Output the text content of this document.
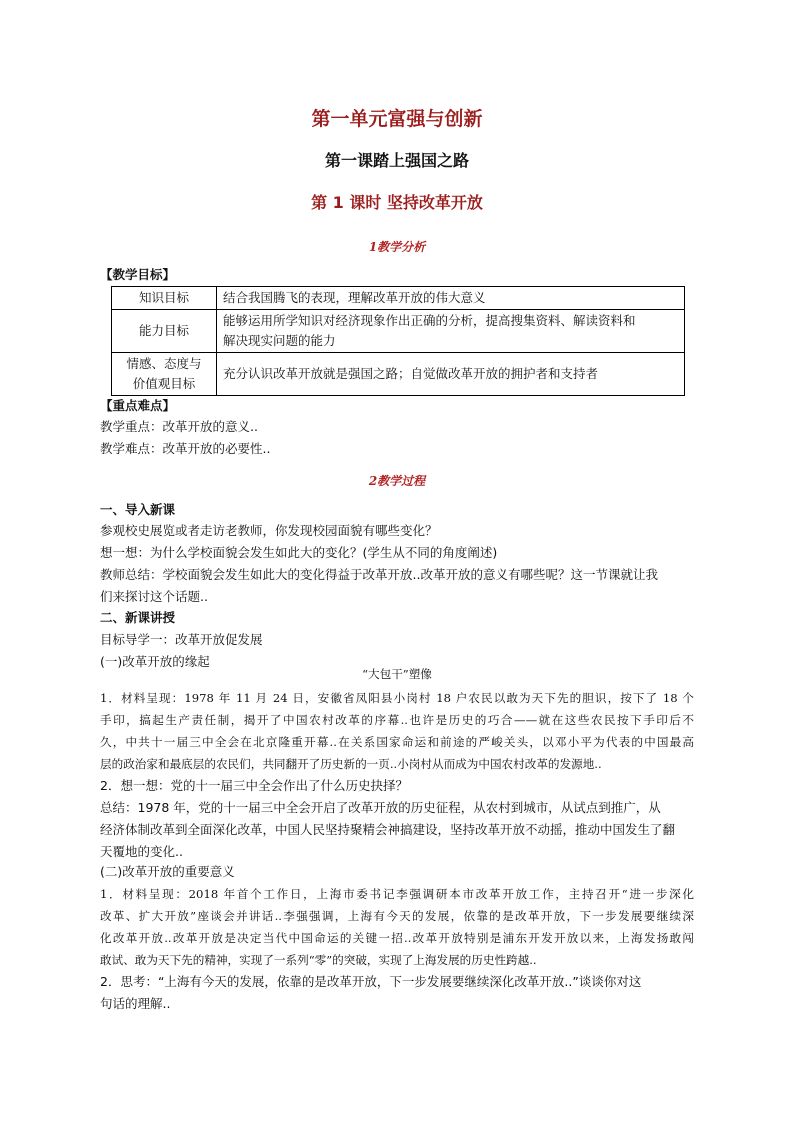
第一单元富强与创新
第一课踏上强国之路
第 1 课时 坚持改革开放
1教学分析
【教学目标】
知识目标	结合我国腾飞的表现，理解改革开放的伟大意义
能力目标	能够运用所学知识对经济现象作出正确的分析，提高搜集资料、解读资料和
解决现实问题的能力

情感、态度与
价值观目标	充分认识改革开放就是强国之路；自觉做改革开放的拥护者和支持者
【重点难点】
教学重点：改革开放的意义..
教学难点：改革开放的必要性..
2教学过程
一、导入新课
参观校史展览或者走访老教师，你发现校园面貌有哪些变化？
想一想：为什么学校面貌会发生如此大的变化？(学生从不同的角度阐述)
教师总结：学校面貌会发生如此大的变化得益于改革开放..改革开放的意义有哪些呢？这一节课就让我
们来探讨这个话题..
二、新课讲授
目标导学一：改革开放促发展
(一)改革开放的缘起
“大包干”塑像
1．材料呈现：1978 年 11 月 24 日，安徽省凤阳县小岗村 18 户农民以敢为天下先的胆识，按下了 18 个
手印，搞起生产责任制，揭开了中国农村改革的序幕..也许是历史的巧合——就在这些农民按下手印后不
久，中共十一届三中全会在北京隆重开幕..在关系国家命运和前途的严峻关头，以邓小平为代表的中国最高
层的政治家和最底层的农民们，共同翻开了历史新的一页..小岗村从而成为中国农村改革的发源地..
2．想一想：党的十一届三中全会作出了什么历史抉择？
总结：1978 年，党的十一届三中全会开启了改革开放的历史征程，从农村到城市，从试点到推广，从
经济体制改革到全面深化改革，中国人民坚持聚精会神搞建设，坚持改革开放不动摇，推动中国发生了翻
天覆地的变化..
(二)改革开放的重要意义
1．材料呈现：2018 年首个工作日，上海市委书记李强调研本市改革开放工作，主持召开“进一步深化
改革、扩大开放”座谈会并讲话..李强强调，上海有今天的发展，依靠的是改革开放，下一步发展要继续深
化改革开放..改革开放是决定当代中国命运的关键一招..改革开放特别是浦东开发开放以来，上海发扬敢闯
敢试、敢为天下先的精神，实现了一系列“零”的突破，实现了上海发展的历史性跨越..
2．思考：“上海有今天的发展，依靠的是改革开放，下一步发展要继续深化改革开放..”谈谈你对这
句话的理解..
